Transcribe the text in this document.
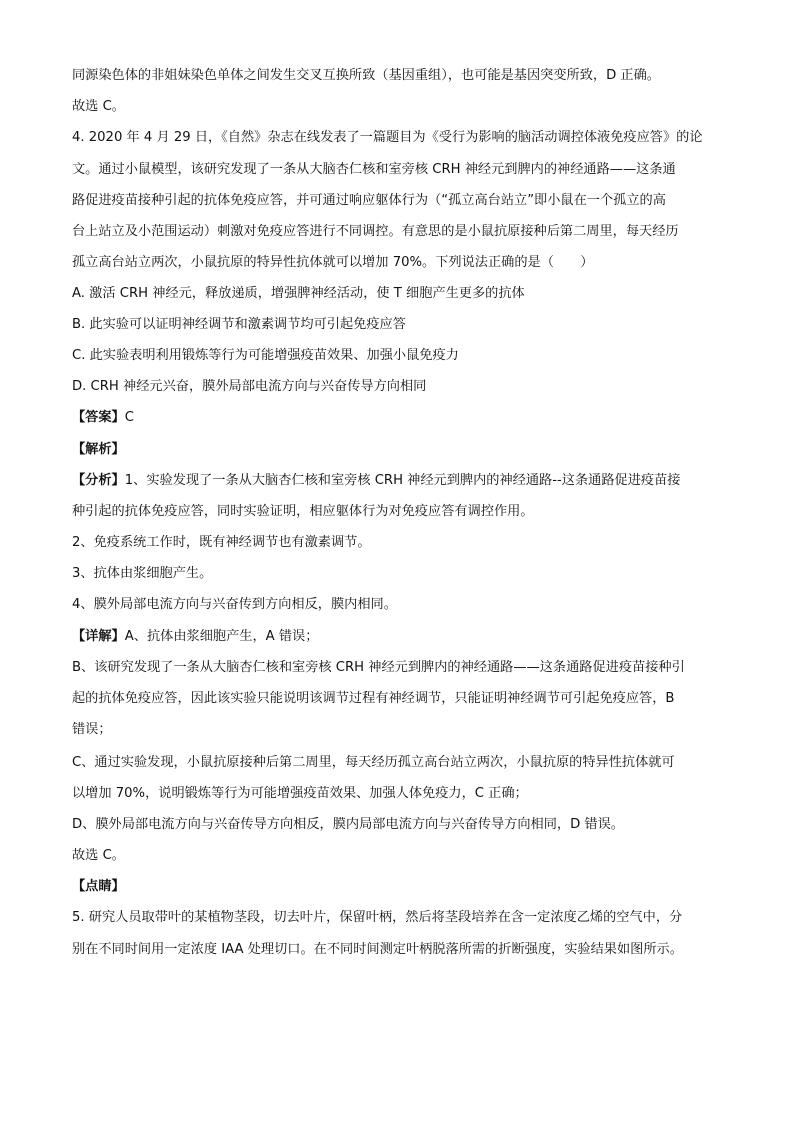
同源染色体的非姐妹染色单体之间发生交叉互换所致（基因重组），也可能是基因突变所致，D 正确。
故选 C。
4. 2020 年 4 月 29 日，《自然》杂志在线发表了一篇题目为《受行为影响的脑活动调控体液免疫应答》的论
文。通过小鼠模型，该研究发现了一条从大脑杏仁核和室旁核 CRH 神经元到脾内的神经通路——这条通
路促进疫苗接种引起的抗体免疫应答，并可通过响应躯体行为（“孤立高台站立”即小鼠在一个孤立的高
台上站立及小范围运动）刺激对免疫应答进行不同调控。有意思的是小鼠抗原接种后第二周里，每天经历
孤立高台站立两次，小鼠抗原的特异性抗体就可以增加 70%。下列说法正确的是（　　）
A. 激活 CRH 神经元，释放递质，增强脾神经活动，使 T 细胞产生更多的抗体
B. 此实验可以证明神经调节和激素调节均可引起免疫应答
C. 此实验表明利用锻炼等行为可能增强疫苗效果、加强小鼠免疫力
D. CRH 神经元兴奋，膜外局部电流方向与兴奋传导方向相同
【答案】C
【解析】
【分析】1、实验发现了一条从大脑杏仁核和室旁核 CRH 神经元到脾内的神经通路--这条通路促进疫苗接
种引起的抗体免疫应答，同时实验证明，相应躯体行为对免疫应答有调控作用。
2、免疫系统工作时，既有神经调节也有激素调节。
3、抗体由浆细胞产生。
4、膜外局部电流方向与兴奋传到方向相反，膜内相同。
【详解】A、抗体由浆细胞产生，A 错误；
B、该研究发现了一条从大脑杏仁核和室旁核 CRH 神经元到脾内的神经通路——这条通路促进疫苗接种引
起的抗体免疫应答，因此该实验只能说明该调节过程有神经调节，只能证明神经调节可引起免疫应答，B
错误；
C、通过实验发现，小鼠抗原接种后第二周里，每天经历孤立高台站立两次，小鼠抗原的特异性抗体就可
以增加 70%，说明锻炼等行为可能增强疫苗效果、加强人体免疫力，C 正确；
D、膜外局部电流方向与兴奋传导方向相反，膜内局部电流方向与兴奋传导方向相同，D 错误。
故选 C。
【点睛】
5. 研究人员取带叶的某植物茎段，切去叶片，保留叶柄，然后将茎段培养在含一定浓度乙烯的空气中，分
别在不同时间用一定浓度 IAA 处理切口。在不同时间测定叶柄脱落所需的折断强度，实验结果如图所示。
